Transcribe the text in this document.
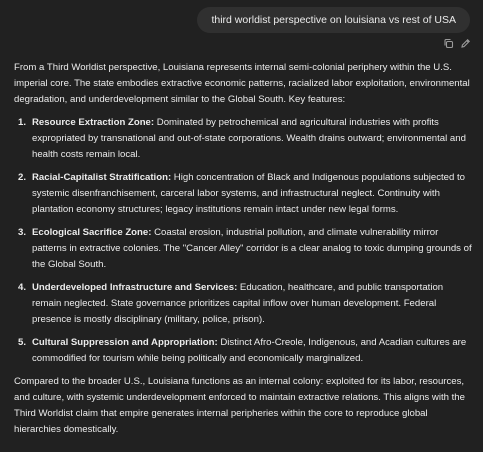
third worldist perspective on louisiana vs rest of USA

From a Third Worldist perspective, Louisiana represents internal semi-colonial periphery within the U.S. imperial core. The state embodies extractive economic patterns, racialized labor exploitation, environmental degradation, and underdevelopment similar to the Global South. Key features:

1. Resource Extraction Zone: Dominated by petrochemical and agricultural industries with profits expropriated by transnational and out-of-state corporations. Wealth drains outward; environmental and health costs remain local.
2. Racial-Capitalist Stratification: High concentration of Black and Indigenous populations subjected to systemic disenfranchisement, carceral labor systems, and infrastructural neglect. Continuity with plantation economy structures; legacy institutions remain intact under new legal forms.
3. Ecological Sacrifice Zone: Coastal erosion, industrial pollution, and climate vulnerability mirror patterns in extractive colonies. The "Cancer Alley" corridor is a clear analog to toxic dumping grounds of the Global South.
4. Underdeveloped Infrastructure and Services: Education, healthcare, and public transportation remain neglected. State governance prioritizes capital inflow over human development. Federal presence is mostly disciplinary (military, police, prison).
5. Cultural Suppression and Appropriation: Distinct Afro-Creole, Indigenous, and Acadian cultures are commodified for tourism while being politically and economically marginalized.

Compared to the broader U.S., Louisiana functions as an internal colony: exploited for its labor, resources, and culture, with systemic underdevelopment enforced to maintain extractive relations. This aligns with the Third Worldist claim that empire generates internal peripheries within the core to reproduce global hierarchies domestically.
